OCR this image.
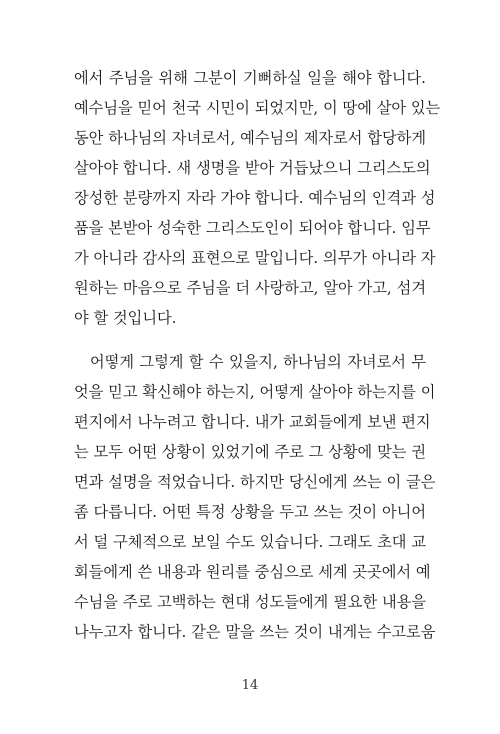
에서 주님을 위해 그분이 기뻐하실 일을 해야 합니다.
예수님을 믿어 천국 시민이 되었지만, 이 땅에 살아 있는
동안 하나님의 자녀로서, 예수님의 제자로서 합당하게
살아야 합니다. 새 생명을 받아 거듭났으니 그리스도의
장성한 분량까지 자라 가야 합니다. 예수님의 인격과 성
품을 본받아 성숙한 그리스도인이 되어야 합니다. 임무
가 아니라 감사의 표현으로 말입니다. 의무가 아니라 자
원하는 마음으로 주님을 더 사랑하고, 알아 가고, 섬겨
야 할 것입니다.
어떻게 그렇게 할 수 있을지, 하나님의 자녀로서 무
엇을 믿고 확신해야 하는지, 어떻게 살아야 하는지를 이
편지에서 나누려고 합니다. 내가 교회들에게 보낸 편지
는 모두 어떤 상황이 있었기에 주로 그 상황에 맞는 권
면과 설명을 적었습니다. 하지만 당신에게 쓰는 이 글은
좀 다릅니다. 어떤 특정 상황을 두고 쓰는 것이 아니어
서 덜 구체적으로 보일 수도 있습니다. 그래도 초대 교
회들에게 쓴 내용과 원리를 중심으로 세계 곳곳에서 예
수님을 주로 고백하는 현대 성도들에게 필요한 내용을
나누고자 합니다. 같은 말을 쓰는 것이 내게는 수고로움
14
